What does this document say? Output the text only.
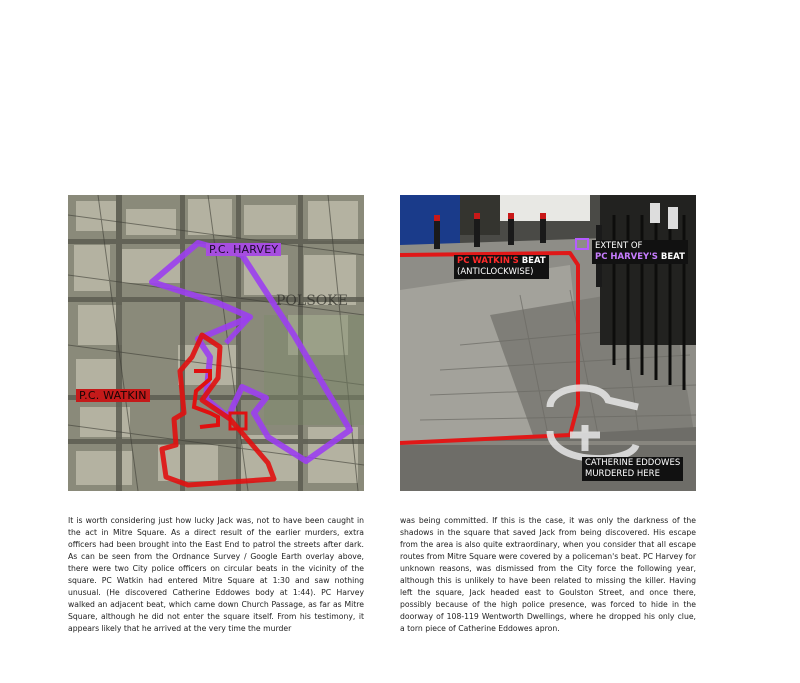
POLSOKE
P.C. HARVEY
P.C. WATKIN
PC WATKIN'S BEAT
(ANTICLOCKWISE)
EXTENT OF
PC HARVEY'S BEAT
CATHERINE EDDOWES
MURDERED HERE

It is worth considering just how lucky Jack was, not to have been caught in the act in Mitre Square. As a direct result of the earlier murders, extra officers had been brought into the East End to patrol the streets after dark. As can be seen from the Ordnance Survey / Google Earth overlay above, there were two City police officers on circular beats in the vicinity of the square. PC Watkin had entered Mitre Square at 1:30 and saw nothing unusual. (He discovered Catherine Eddowes body at 1:44). PC Harvey walked an adjacent beat, which came down Church Passage, as far as Mitre Square, although he did not enter the square itself. From his testimony, it appears likely that he arrived at the very time the murder

was being committed. If this is the case, it was only the darkness of the shadows in the square that saved Jack from being discovered. His escape from the area is also quite extraordinary, when you consider that all escape routes from Mitre Square were covered by a policeman's beat. PC Harvey for unknown reasons, was dismissed from the City force the following year, although this is unlikely to have been related to missing the killer. Having left the square, Jack headed east to Goulston Street, and once there, possibly because of the high police presence, was forced to hide in the doorway of 108-119 Wentworth Dwellings, where he dropped his only clue, a torn piece of Catherine Eddowes apron.
